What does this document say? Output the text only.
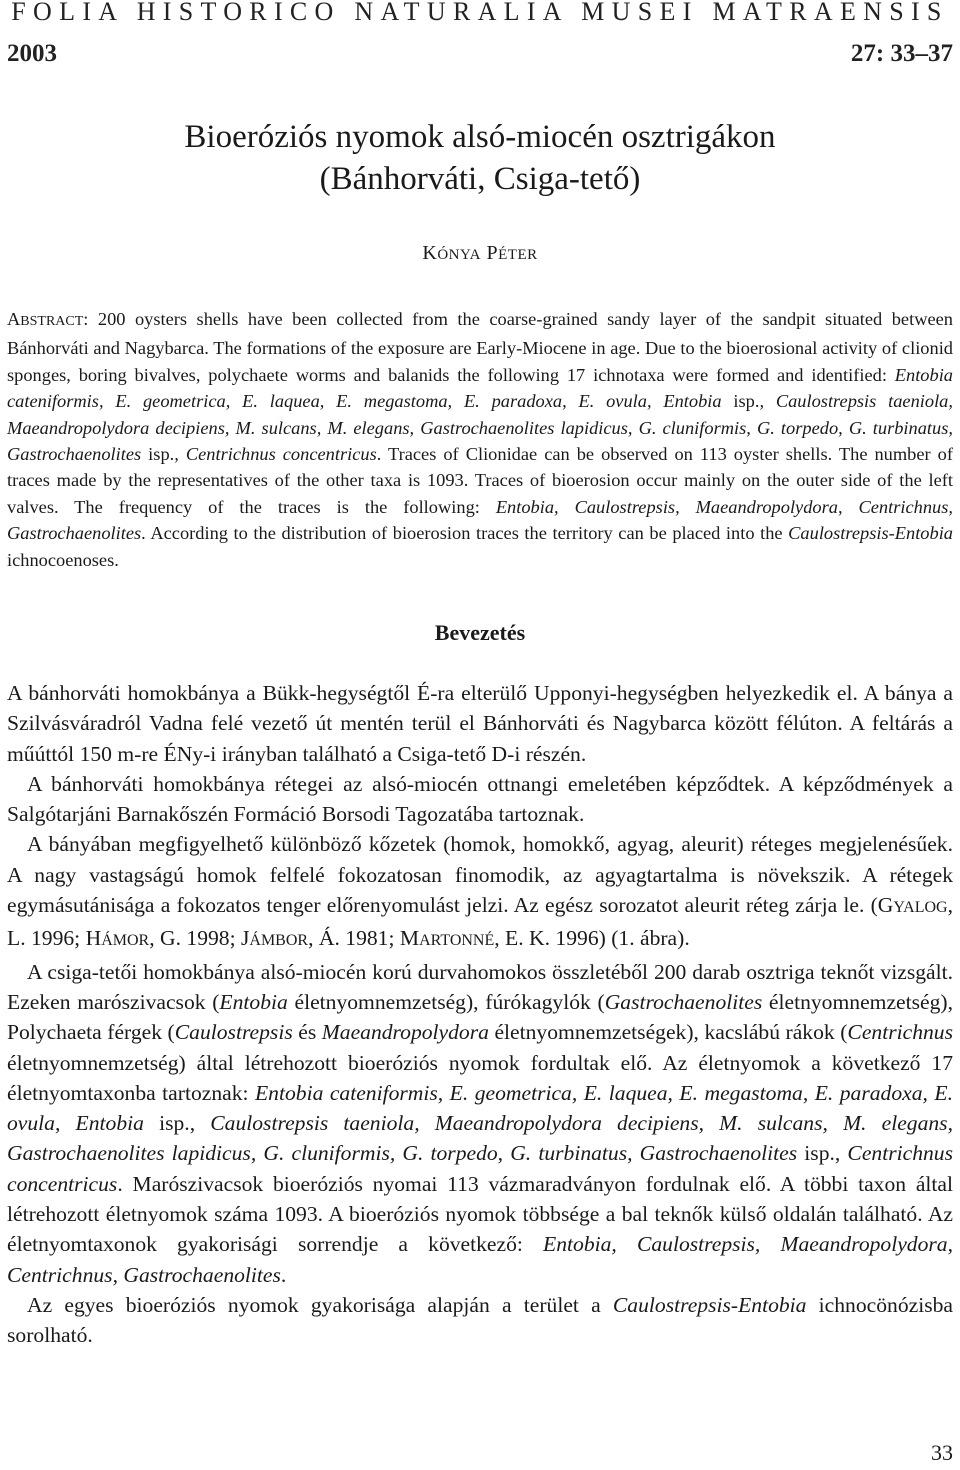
FOLIA HISTORICO NATURALIA MUSEI MATRAENSIS
2003	27: 33–37
Bioeróziós nyomok alsó-miocén osztrigákon
(Bánhorváti, Csiga-tető)
KÓNYA PÉTER

ABSTRACT: 200 oysters shells have been collected from the coarse-grained sandy layer of the sandpit situated between Bánhorváti and Nagybarca. The formations of the exposure are Early-Miocene in age. Due to the bioerosional activity of clionid sponges, boring bivalves, polychaete worms and balanids the following 17 ichnotaxa were formed and identified: Entobia cateniformis, E. geometrica, E. laquea, E. megastoma, E. paradoxa, E. ovula, Entobia isp., Caulostrepsis taeniola, Maeandropolydora decipiens, M. sulcans, M. elegans, Gastrochaenolites lapidicus, G. cluniformis, G. torpedo, G. turbinatus, Gastrochaenolites isp., Centrichnus concentricus. Traces of Clionidae can be observed on 113 oyster shells. The number of traces made by the representatives of the other taxa is 1093. Traces of bioerosion occur mainly on the outer side of the left valves. The frequency of the traces is the following: Entobia, Caulostrepsis, Maeandropolydora, Centrichnus, Gastrochaenolites. According to the distribution of bioerosion traces the territory can be placed into the Caulostrepsis-Entobia ichnocoenoses.

Bevezetés

A bánhorváti homokbánya a Bükk-hegységtől É-ra elterülő Upponyi-hegységben helyezkedik el. A bánya a Szilvásváradról Vadna felé vezető út mentén terül el Bánhorváti és Nagybarca között félúton. A feltárás a műúttól 150 m-re ÉNy-i irányban található a Csiga-tető D-i részén.

A bánhorváti homokbánya rétegei az alsó-miocén ottnangi emeletében képződtek. A képződmények a Salgótarjáni Barnakőszén Formáció Borsodi Tagozatába tartoznak.

A bányában megfigyelhető különböző kőzetek (homok, homokkő, agyag, aleurit) réteges megjelenésűek. A nagy vastagságú homok felfelé fokozatosan finomodik, az agyagtartalma is növekszik. A rétegek egymásutánisága a fokozatos tenger előrenyomulást jelzi. Az egész sorozatot aleurit réteg zárja le. (GYALOG, L. 1996; HÁMOR, G. 1998; JÁMBOR, Á. 1981; MARTONNÉ, E. K. 1996) (1. ábra).

A csiga-tetői homokbánya alsó-miocén korú durvahomokos összletéből 200 darab osztriga teknőt vizsgált. Ezeken marószivacsok (Entobia életnyomnemzetség), fúrókagylók (Gastrochaenolites életnyomnemzetség), Polychaeta férgek (Caulostrepsis és Maeandropolydora életnyomnemzetségek), kacslábú rákok (Centrichnus életnyomnemzetség) által létrehozott bioeróziós nyomok fordultak elő. Az életnyomok a következő 17 életnyomtaxonba tartoznak: Entobia cateniformis, E. geometrica, E. laquea, E. megastoma, E. paradoxa, E. ovula, Entobia isp., Caulostrepsis taeniola, Maeandropolydora decipiens, M. sulcans, M. elegans, Gastrochaenolites lapidicus, G. cluniformis, G. torpedo, G. turbinatus, Gastrochaenolites isp., Centrichnus concentricus. Marószivacsok bioeróziós nyomai 113 vázmaradványon fordulnak elő. A többi taxon által létrehozott életnyomok száma 1093. A bioeróziós nyomok többsége a bal teknők külső oldalán található. Az életnyomtaxonok gyakorisági sorrendje a következő: Entobia, Caulostrepsis, Maeandropolydora, Centrichnus, Gastrochaenolites.

Az egyes bioeróziós nyomok gyakorisága alapján a terület a Caulostrepsis-Entobia ichnocönózisba sorolható.

33
